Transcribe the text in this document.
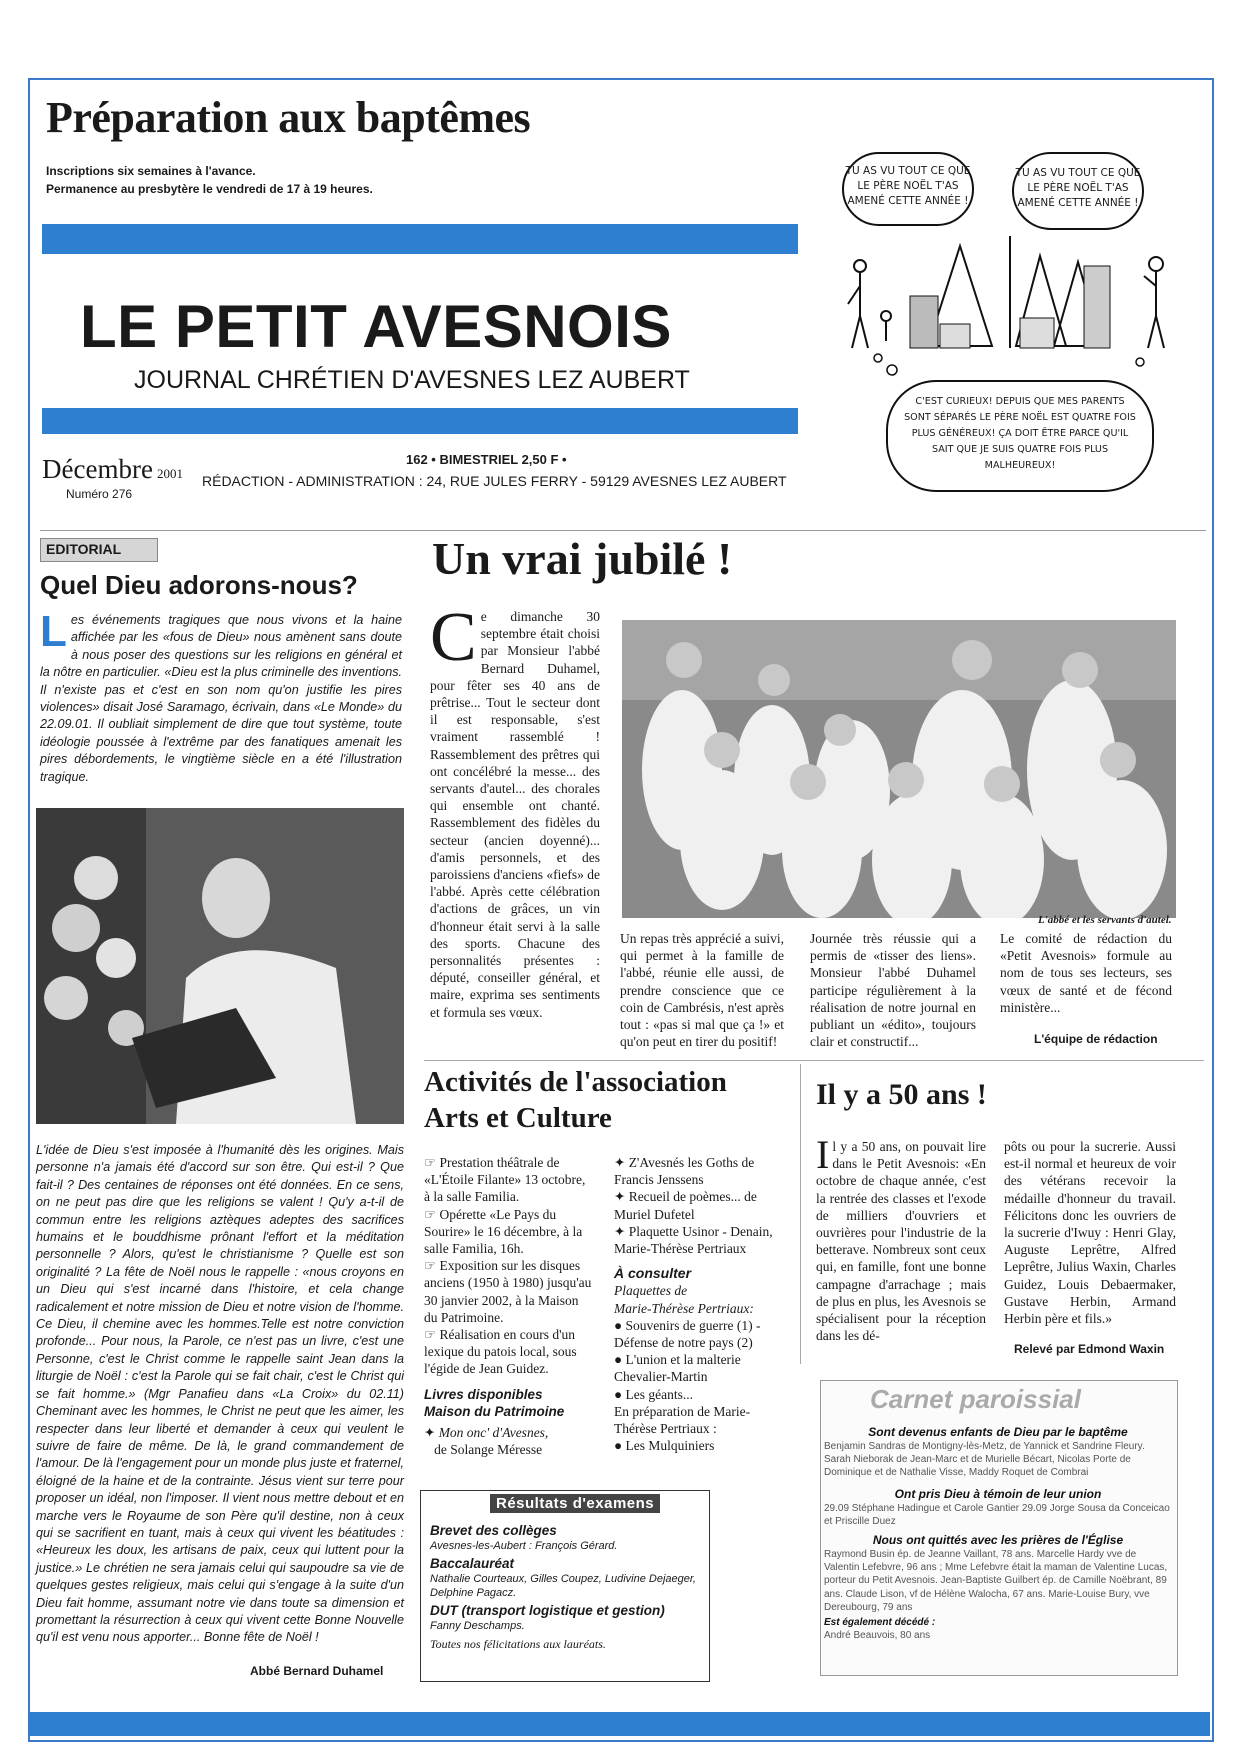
Préparation aux baptêmes
Inscriptions six semaines à l'avance.
Permanence au presbytère le vendredi de 17 à 19 heures.
LE PETIT AVESNOIS
JOURNAL CHRÉTIEN D'AVESNES LEZ AUBERT
Décembre 2001
Numéro 276
162 • BIMESTRIEL 2,50 F •
RÉDACTION - ADMINISTRATION : 24, RUE JULES FERRY - 59129 AVESNES LEZ AUBERT
TU AS VU TOUT CE QUE LE PÈRE NOËL T'AS AMENÉ CETTE ANNÉE !
TU AS VU TOUT CE QUE LE PÈRE NOËL T'AS AMENÉ CETTE ANNÉE !
C'EST CURIEUX! DEPUIS QUE MES PARENTS SONT SÉPARÉS LE PÈRE NOËL EST QUATRE FOIS PLUS GÉNÉREUX! ÇA DOIT ÊTRE PARCE QU'IL SAIT QUE JE SUIS QUATRE FOIS PLUS MALHEUREUX!
EDITORIAL
Quel Dieu adorons-nous?
L es événements tragiques que nous vivons et la haine affichée par les «fous de Dieu» nous amènent sans doute à nous poser des questions sur les religions en général et la nôtre en particulier. «Dieu est la plus criminelle des inventions. Il n'existe pas et c'est en son nom qu'on justifie les pires violences» disait José Saramago, écrivain, dans «Le Monde» du 22.09.01. Il oubliait simplement de dire que tout système, toute idéologie poussée à l'extrême par des fanatiques amenait les pires débordements, le vingtième siècle en a été l'illustration tragique.
L'idée de Dieu s'est imposée à l'humanité dès les origines. Mais personne n'a jamais été d'accord sur son être. Qui est-il ? Que fait-il ? Des centaines de réponses ont été données. En ce sens, on ne peut pas dire que les religions se valent ! Qu'y a-t-il de commun entre les religions aztèques adeptes des sacrifices humains et le bouddhisme prônant l'effort et la méditation personnelle ? Alors, qu'est le christianisme ? Quelle est son originalité ? La fête de Noël nous le rappelle : «nous croyons en un Dieu qui s'est incarné dans l'histoire, et cela change radicalement et notre mission de Dieu et notre vision de l'homme. Ce Dieu, il chemine avec les hommes.Telle est notre conviction profonde... Pour nous, la Parole, ce n'est pas un livre, c'est une Personne, c'est le Christ comme le rappelle saint Jean dans la liturgie de Noël : c'est la Parole qui se fait chair, c'est le Christ qui se fait homme.» (Mgr Panafieu dans «La Croix» du 02.11) Cheminant avec les hommes, le Christ ne peut que les aimer, les respecter dans leur liberté et demander à ceux qui veulent le suivre de faire de même. De là, le grand commandement de l'amour. De là l'engagement pour un monde plus juste et fraternel, éloigné de la haine et de la contrainte. Jésus vient sur terre pour proposer un idéal, non l'imposer. Il vient nous mettre debout et en marche vers le Royaume de son Père qu'il destine, non à ceux qui se sacrifient en tuant, mais à ceux qui vivent les béatitudes : «Heureux les doux, les artisans de paix, ceux qui luttent pour la justice.» Le chrétien ne sera jamais celui qui saupoudre sa vie de quelques gestes religieux, mais celui qui s'engage à la suite d'un Dieu fait homme, assumant notre vie dans toute sa dimension et promettant la résurrection à ceux qui vivent cette Bonne Nouvelle qu'il est venu nous apporter... Bonne fête de Noël !
Abbé Bernard Duhamel
Un vrai jubilé !
C e dimanche 30 septembre était choisi par Monsieur l'abbé Bernard Duhamel, pour fêter ses 40 ans de prêtrise... Tout le secteur dont il est responsable, s'est vraiment rassemblé ! Rassemblement des prêtres qui ont concélébré la messe... des servants d'autel... des chorales qui ensemble ont chanté. Rassemblement des fidèles du secteur (ancien doyenné)... d'amis personnels, et des paroissiens d'anciens «fiefs» de l'abbé. Après cette célébration d'actions de grâces, un vin d'honneur était servi à la salle des sports. Chacune des personnalités présentes : député, conseiller général, et maire, exprima ses sentiments et formula ses vœux.
L'abbé et les servants d'autel.
Un repas très apprécié a suivi, qui permet à la famille de l'abbé, réunie elle aussi, de prendre conscience que ce coin de Cambrésis, n'est après tout : «pas si mal que ça !» et qu'on peut en tirer du positif!
Journée très réussie qui a permis de «tisser des liens». Monsieur l'abbé Duhamel participe régulièrement à la réalisation de notre journal en publiant un «édito», toujours clair et constructif...
Le comité de rédaction du «Petit Avesnois» formule au nom de tous ses lecteurs, ses vœux de santé et de fécond ministère...
L'équipe de rédaction
Activités de l'association
Arts et Culture
☞ Prestation théâtrale de «L'Étoile Filante» 13 octobre, à la salle Familia.
☞ Opérette «Le Pays du Sourire» le 16 décembre, à la salle Familia, 16h.
☞ Exposition sur les disques anciens (1950 à 1980) jusqu'au 30 janvier 2002, à la Maison du Patrimoine.
☞ Réalisation en cours d'un lexique du patois local, sous l'égide de Jean Guidez.
Livres disponibles
Maison du Patrimoine
✦ Mon onc' d'Avesnes,
de Solange Méresse
✦ Z'Avesnés les Goths de Francis Jenssens
✦ Recueil de poèmes... de Muriel Dufetel
✦ Plaquette Usinor - Denain, Marie-Thérèse Pertriaux
À consulter
Plaquettes de
Marie-Thérèse Pertriaux:
● Souvenirs de guerre (1) - Défense de notre pays (2)
● L'union et la malterie Chevalier-Martin
● Les géants...
En préparation de Marie-Thérèse Pertriaux :
● Les Mulquiniers
Résultats d'examens
Brevet des collèges
Avesnes-les-Aubert : François Gérard.
Baccalauréat
Nathalie Courteaux, Gilles Coupez, Ludivine Dejaeger, Delphine Pagacz.
DUT (transport logistique et gestion)
Fanny Deschamps.
Toutes nos félicitations aux lauréats.
Il y a 50 ans !
I l y a 50 ans, on pouvait lire dans le Petit Avesnois: «En octobre de chaque année, c'est la rentrée des classes et l'exode de milliers d'ouvriers et ouvrières pour l'industrie de la betterave. Nombreux sont ceux qui, en famille, font une bonne campagne d'arrachage ; mais de plus en plus, les Avesnois se spécialisent pour la réception dans les dé-
pôts ou pour la sucrerie. Aussi est-il normal et heureux de voir des vétérans recevoir la médaille d'honneur du travail. Félicitons donc les ouvriers de la sucrerie d'Iwuy : Henri Glay, Auguste Leprêtre, Alfred Leprêtre, Julius Waxin, Charles Guidez, Louis Debaermaker, Gustave Herbin, Armand Herbin père et fils.»
Relevé par Edmond Waxin
Carnet paroissial
Sont devenus enfants de Dieu par le baptême
Benjamin Sandras de Montigny-lès-Metz, de Yannick et Sandrine Fleury. Sarah Nieborak de Jean-Marc et de Murielle Bécart, Nicolas Porte de Dominique et de Nathalie Visse, Maddy Roquet de Combrai
Ont pris Dieu à témoin de leur union
29.09 Stéphane Hadingue et Carole Gantier 29.09 Jorge Sousa da Conceicao et Priscille Duez
Nous ont quittés avec les prières de l'Église
Raymond Busin ép. de Jeanne Vaillant, 78 ans. Marcelle Hardy vve de Valentin Lefebvre, 96 ans ; Mme Lefebvre était la maman de Valentine Lucas, porteur du Petit Avesnois. Jean-Baptiste Guilbert ép. de Camille Noëbrant, 89 ans. Claude Lison, vf de Hélène Walocha, 67 ans. Marie-Louise Bury, vve Dereubourg, 79 ans
Est également décédé :
André Beauvois, 80 ans
